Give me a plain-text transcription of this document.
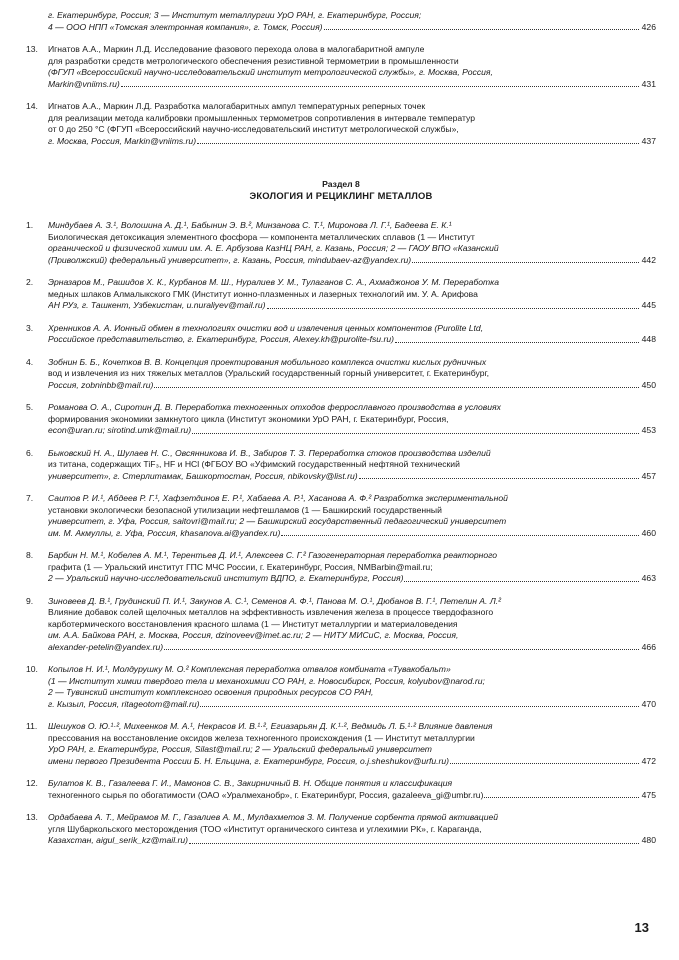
г. Екатеринбург, Россия; 3 — Институт металлургии УрО РАН, г. Екатеринбург, Россия;
4 — ООО НПП «Томская электронная компания», г. Томск, Россия)	426
13.	Игнатов А.А., Маркин Л.Д. Исследование фазового перехода олова в малогабаритной ампуле
для разработки средств метрологического обеспечения резистивной термометрии в промышленности
(ФГУП «Всероссийский научно-исследовательский институт метрологической службы», г. Москва, Россия,
Markin@vniims.ru)	431
14.	Игнатов А.А., Маркин Л.Д. Разработка малогабаритных ампул температурных реперных точек
для реализации метода калибровки промышленных термометров сопротивления в интервале температур
от 0 до 250 °C (ФГУП «Всероссийский научно-исследовательский институт метрологической службы»,
г. Москва, Россия, Markin@vniims.ru)	437
Раздел 8
ЭКОЛОГИЯ И РЕЦИКЛИНГ МЕТАЛЛОВ
1.	Миндубаев А. З.¹, Волошина А. Д.¹, Бабынин Э. В.², Минзанова С. Т.¹, Миронова Л. Г.¹, Бадеева Е. К.¹
Биологическая детоксикация элементного фосфора — компонента металлических сплавов (1 — Институт
органической и физической химии им. А. Е. Арбузова КазНЦ РАН, г. Казань, Россия; 2 — ГАОУ ВПО «Казанский
(Приволжский) федеральный университет», г. Казань, Россия, mindubaev-az@yandex.ru)	442
2.	Эрназаров М., Рашидов Х. К., Курбанов М. Ш., Нуралиев У. М., Тулаганов С. А., Ахмаджонов У. М. Переработка
медных шлаков Алмалыкского ГМК (Институт ионно-плазменных и лазерных технологий им. У. А. Арифова
АН РУз, г. Ташкент, Узбекистан, u.nuraliyev@mail.ru)	445
3.	Хренников А. А. Ионный обмен в технологиях очистки вод и извлечения ценных компонентов (Purolite Ltd,
Российское представительство, г. Екатеринбург, Россия, Alexey.kh@purolite-fsu.ru)	448
4.	Зобнин Б. Б., Кочетков В. В. Концепция проектирования мобильного комплекса очистки кислых рудничных
вод и извлечения из них тяжелых металлов (Уральский государственный горный университет, г. Екатеринбург,
Россия, zobninbb@mail.ru)	450
5.	Романова О. А., Сиротин Д. В. Переработка техногенных отходов ферросплавного производства в условиях
формирования экономики замкнутого цикла (Институт экономики УрО РАН, г. Екатеринбург, Россия,
econ@uran.ru; sirotind.umk@mail.ru)	453
6.	Быковский Н. А., Шулаев Н. С., Овсянникова И. В., Забиров Т. З. Переработка стоков производства изделий
из титана, содержащих TiF₃, HF и HCl (ФГБОУ ВО «Уфимский государственный нефтяной технический
университет», г. Стерлитамак, Башкортостан, Россия, nbikovsky@list.ru)	457
7.	Саитов Р. И.¹, Абдеев Р. Г.¹, Хафзетдинов Е. Р.¹, Хабаева А. Р.¹, Хасанова А. Ф.² Разработка экспериментальной
установки экологически безопасной утилизации нефтешламов (1 — Башкирский государственный
университет, г. Уфа, Россия, saitovri@mail.ru; 2 — Башкирский государственный педагогический университет
им. М. Акмуллы, г. Уфа, Россия, khasanova.ai@yandex.ru)	460
8.	Барбин Н. М.¹, Кобелев А. М.¹, Терентьев Д. И.¹, Алексеев С. Г.² Газогенераторная переработка реакторного
графита (1 — Уральский институт ГПС МЧС России, г. Екатеринбург, Россия, NMBarbin@mail.ru;
2 — Уральский научно-исследовательский институт ВДПО, г. Екатеринбург, Россия)	463
9.	Зиновеев Д. В.¹, Грудинский П. И.¹, Закунов А. С.¹, Семенов А. Ф.¹, Панова М. О.¹, Дюбанов В. Г.¹, Петелин А. Л.²
Влияние добавок солей щелочных металлов на эффективность извлечения железа в процессе твердофазного
карботермического восстановления красного шлама (1 — Институт металлургии и материаловедения
им. А.А. Байкова РАН, г. Москва, Россия, dzinoveev@imet.ac.ru; 2 — НИТУ МИСиС, г. Москва, Россия,
alexander-petelin@yandex.ru)	466
10.	Копылов Н. И.¹, Молдурушку М. О.² Комплексная переработка отвалов комбината «Тувакобальт»
(1 — Институт химии твердого тела и механохимии СО РАН, г. Новосибирск, Россия, kolyubov@narod.ru;
2 — Тувинский институт комплексного освоения природных ресурсов СО РАН,
г. Кызыл, Россия, ritageotom@mail.ru)	470
11.	Шешуков О. Ю.¹·², Михеенков М. А.¹, Некрасов И. В.¹·², Егиазарьян Д. К.¹·², Ведмидь Л. Б.¹·² Влияние давления
прессования на восстановление оксидов железа техногенного происхождения (1 — Институт металлургии
УрО РАН, г. Екатеринбург, Россия, Silast@mail.ru; 2 — Уральский федеральный университет
имени первого Президента России Б. Н. Ельцина, г. Екатеринбург, Россия, o.j.sheshukov@urfu.ru)	472
12.	Булатов К. В., Газалеева Г. И., Мамонов С. В., Закирничный В. Н. Общие понятия и классификация
техногенного сырья по обогатимости (ОАО «Уралмеханобр», г. Екатеринбург, Россия, gazaleeva_gi@umbr.ru)	475
13.	Ордабаева А. Т., Мейрамов М. Г., Газалиев А. М., Мулдахметов З. М. Получение сорбента прямой активацией
угля Шубаркольского месторождения (ТОО «Институт органического синтеза и углехимии РК», г. Караганда,
Казахстан, aigul_serik_kz@mail.ru)	480
13
